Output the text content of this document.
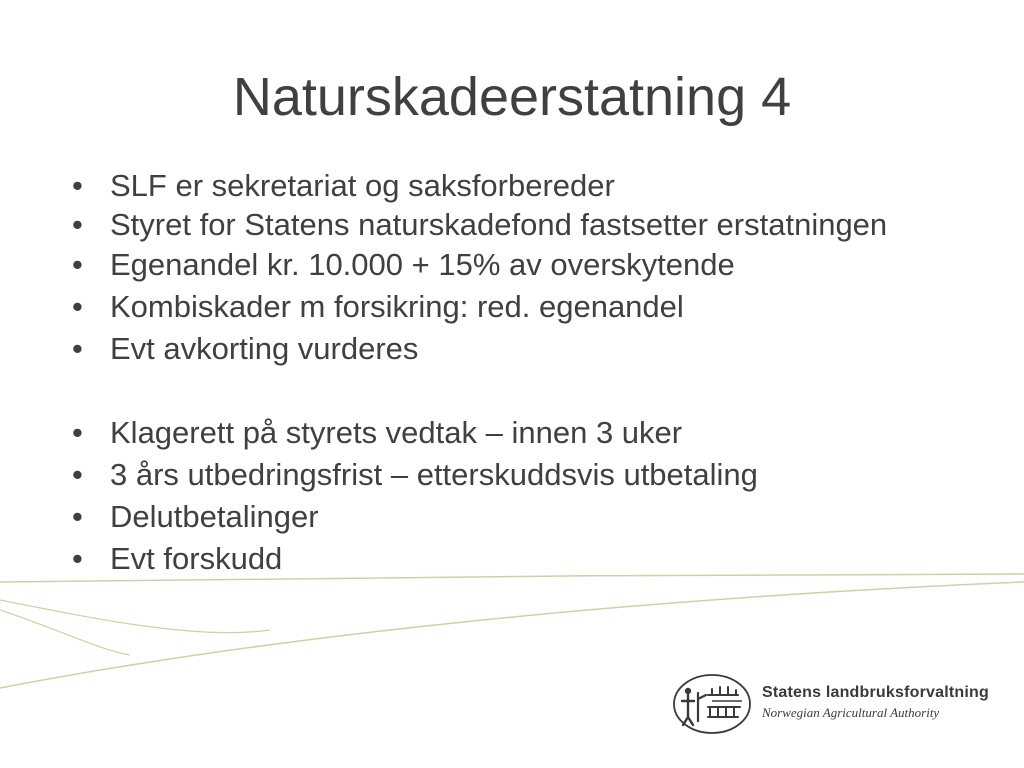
Naturskadeerstatning 4
• SLF er sekretariat og saksforbereder
• Styret for Statens naturskadefond fastsetter erstatningen
• Egenandel kr. 10.000 + 15% av overskytende
• Kombiskader m forsikring: red. egenandel
• Evt avkorting vurderes
• Klagerett på styrets vedtak – innen 3 uker
• 3 års utbedringsfrist – etterskuddsvis utbetaling
• Delutbetalinger
• Evt forskudd
Statens landbruksforvaltning
Norwegian Agricultural Authority
